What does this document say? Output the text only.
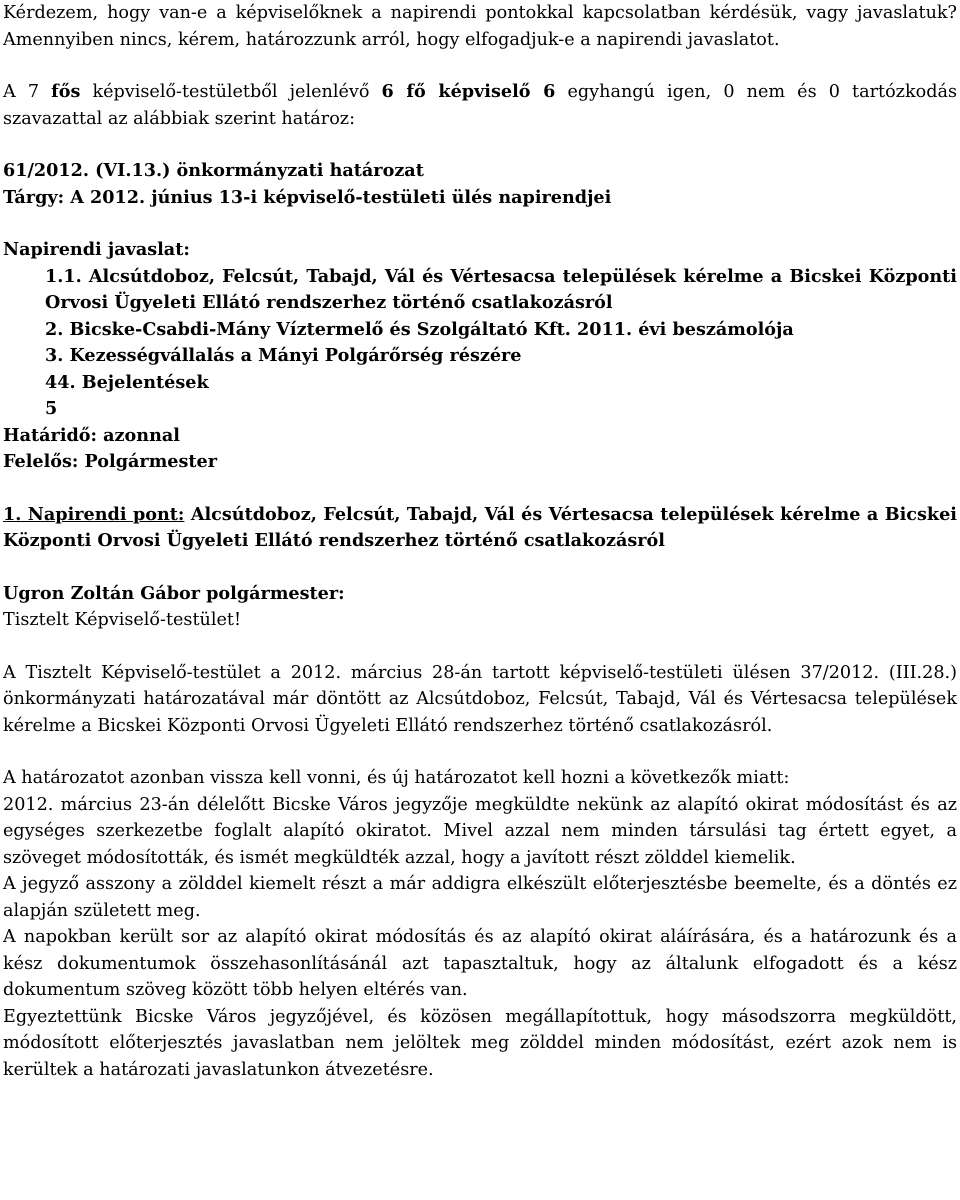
Kérdezem, hogy van-e a képviselőknek a napirendi pontokkal kapcsolatban kérdésük, vagy javaslatuk? Amennyiben nincs, kérem, határozzunk arról, hogy elfogadjuk-e a napirendi javaslatot.

A 7 fős képviselő-testületből jelenlévő 6 fő képviselő 6 egyhangú igen, 0 nem és 0 tartózkodás szavazattal az alábbiak szerint határoz:

61/2012. (VI.13.) önkormányzati határozat

Tárgy: A 2012. június 13-i képviselő-testületi ülés napirendjei

Napirendi javaslat:

1.1. Alcsútdoboz, Felcsút, Tabajd, Vál és Vértesacsa települések kérelme a Bicskei Központi Orvosi Ügyeleti Ellátó rendszerhez történő csatlakozásról

2. Bicske-Csabdi-Mány Víztermelő és Szolgáltató Kft. 2011. évi beszámolója

3. Kezességvállalás a Mányi Polgárőrség részére

44. Bejelentések

5

Határidő: azonnal

Felelős: Polgármester

1. Napirendi pont: Alcsútdoboz, Felcsút, Tabajd, Vál és Vértesacsa települések kérelme a Bicskei Központi Orvosi Ügyeleti Ellátó rendszerhez történő csatlakozásról

Ugron Zoltán Gábor polgármester:

Tisztelt Képviselő-testület!

A Tisztelt Képviselő-testület a 2012. március 28-án tartott képviselő-testületi ülésen 37/2012. (III.28.) önkormányzati határozatával már döntött az Alcsútdoboz, Felcsút, Tabajd, Vál és Vértesacsa települések kérelme a Bicskei Központi Orvosi Ügyeleti Ellátó rendszerhez történő csatlakozásról.

A határozatot azonban vissza kell vonni, és új határozatot kell hozni a következők miatt:

2012. március 23-án délelőtt Bicske Város jegyzője megküldte nekünk az alapító okirat módosítást és az egységes szerkezetbe foglalt alapító okiratot. Mivel azzal nem minden társulási tag értett egyet, a szöveget módosították, és ismét megküldték azzal, hogy a javított részt zölddel kiemelik.

A jegyző asszony a zölddel kiemelt részt a már addigra elkészült előterjesztésbe beemelte, és a döntés ez alapján született meg.

A napokban került sor az alapító okirat módosítás és az alapító okirat aláírására, és a határozunk és a kész dokumentumok összehasonlításánál azt tapasztaltuk, hogy az általunk elfogadott és a kész dokumentum szöveg között több helyen eltérés van.

Egyeztettünk Bicske Város jegyzőjével, és közösen megállapítottuk, hogy másodszorra megküldött, módosított előterjesztés javaslatban nem jelöltek meg zölddel minden módosítást, ezért azok nem is kerültek a határozati javaslatunkon átvezetésre.
